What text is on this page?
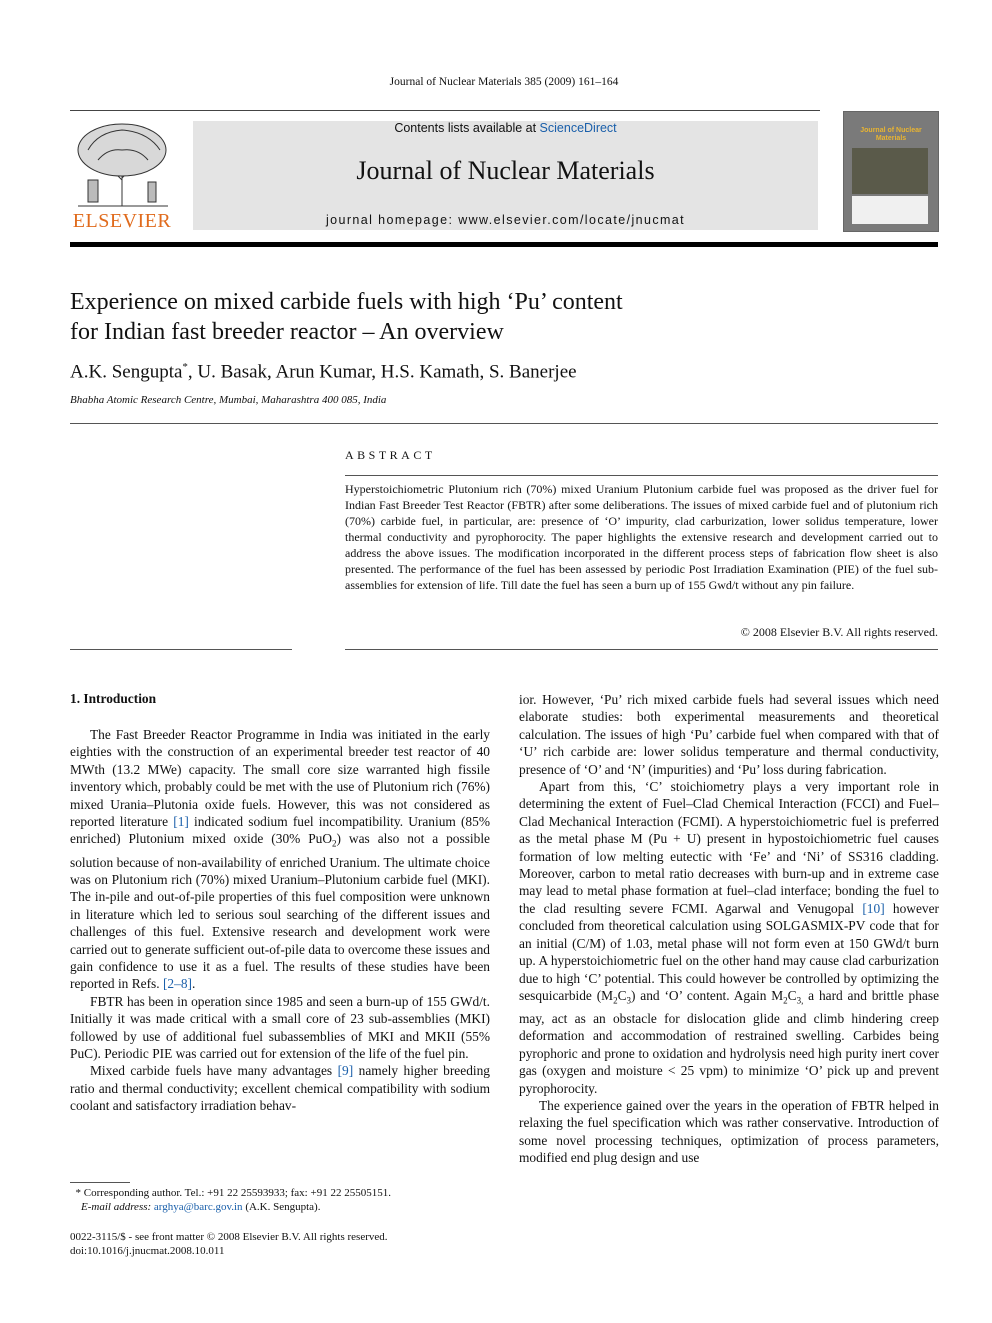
Journal of Nuclear Materials 385 (2009) 161–164
ELSEVIER
Contents lists available at ScienceDirect
Journal of Nuclear Materials
journal homepage: www.elsevier.com/locate/jnucmat
Journal of Nuclear Materials
Experience on mixed carbide fuels with high ‘Pu’ content
for Indian fast breeder reactor – An overview
A.K. Sengupta*, U. Basak, Arun Kumar, H.S. Kamath, S. Banerjee
Bhabha Atomic Research Centre, Mumbai, Maharashtra 400 085, India
ABSTRACT
Hyperstoichiometric Plutonium rich (70%) mixed Uranium Plutonium carbide fuel was proposed as the driver fuel for Indian Fast Breeder Test Reactor (FBTR) after some deliberations. The issues of mixed carbide fuel and of plutonium rich (70%) carbide fuel, in particular, are: presence of ‘O’ impurity, clad carburization, lower solidus temperature, lower thermal conductivity and pyrophorocity. The paper highlights the extensive research and development carried out to address the above issues. The modification incorporated in the different process steps of fabrication flow sheet is also presented. The performance of the fuel has been assessed by periodic Post Irradiation Examination (PIE) of the fuel sub-assemblies for extension of life. Till date the fuel has seen a burn up of 155 Gwd/t without any pin failure.
© 2008 Elsevier B.V. All rights reserved.
1. Introduction

The Fast Breeder Reactor Programme in India was initiated in the early eighties with the construction of an experimental breeder test reactor of 40 MWth (13.2 MWe) capacity. The small core size warranted high fissile inventory which, probably could be met with the use of Plutonium rich (76%) mixed Urania–Plutonia oxide fuels. However, this was not considered as reported literature [1] indicated sodium fuel incompatibility. Uranium (85% enriched) Plutonium mixed oxide (30% PuO$_2$) was also not a possible solution because of non-availability of enriched Uranium. The ultimate choice was on Plutonium rich (70%) mixed Uranium–Plutonium carbide fuel (MKI). The in-pile and out-of-pile properties of this fuel composition were unknown in literature which led to serious soul searching of the different issues and challenges of this fuel. Extensive research and development work were carried out to generate sufficient out-of-pile data to overcome these issues and gain confidence to use it as a fuel. The results of these studies have been reported in Refs. [2–8].

FBTR has been in operation since 1985 and seen a burn-up of 155 GWd/t. Initially it was made critical with a small core of 23 sub-assemblies (MKI) followed by use of additional fuel subassemblies of MKI and MKII (55% PuC). Periodic PIE was carried out for extension of the life of the fuel pin.

Mixed carbide fuels have many advantages [9] namely higher breeding ratio and thermal conductivity; excellent chemical compatibility with sodium coolant and satisfactory irradiation behav-

ior. However, ‘Pu’ rich mixed carbide fuels had several issues which need elaborate studies: both experimental measurements and theoretical calculation. The issues of high ‘Pu’ carbide fuel when compared with that of ‘U’ rich carbide are: lower solidus temperature and thermal conductivity, presence of ‘O’ and ‘N’ (impurities) and ‘Pu’ loss during fabrication.

Apart from this, ‘C’ stoichiometry plays a very important role in determining the extent of Fuel–Clad Chemical Interaction (FCCI) and Fuel–Clad Mechanical Interaction (FCMI). A hyperstoichiometric fuel is preferred as the metal phase M (Pu + U) present in hypostoichiometric fuel causes formation of low melting eutectic with ‘Fe’ and ‘Ni’ of SS316 cladding. Moreover, carbon to metal ratio decreases with burn-up and in extreme case may lead to metal phase formation at fuel–clad interface; bonding the fuel to the clad resulting severe FCMI. Agarwal and Venugopal [10] however concluded from theoretical calculation using SOLGASMIX-PV code that for an initial (C/M) of 1.03, metal phase will not form even at 150 GWd/t burn up. A hyperstoichiometric fuel on the other hand may cause clad carburization due to high ‘C’ potential. This could however be controlled by optimizing the sesquicarbide $(M_2C_3)$ and ‘O’ content. Again $M_2C_{3,}$ a hard and brittle phase may, act as an obstacle for dislocation glide and climb hindering creep deformation and accommodation of restrained swelling. Carbides being pyrophoric and prone to oxidation and hydrolysis need high purity inert cover gas (oxygen and moisture < 25 vpm) to minimize ‘O’ pick up and prevent pyrophorocity.

The experience gained over the years in the operation of FBTR helped in relaxing the fuel specification which was rather conservative. Introduction of some novel processing techniques, optimization of process parameters, modified end plug design and use

* Corresponding author. Tel.: +91 22 25593933; fax: +91 22 25505151.
E-mail address: arghya@barc.gov.in (A.K. Sengupta).
0022-3115/$ - see front matter © 2008 Elsevier B.V. All rights reserved.
doi:10.1016/j.jnucmat.2008.10.011
